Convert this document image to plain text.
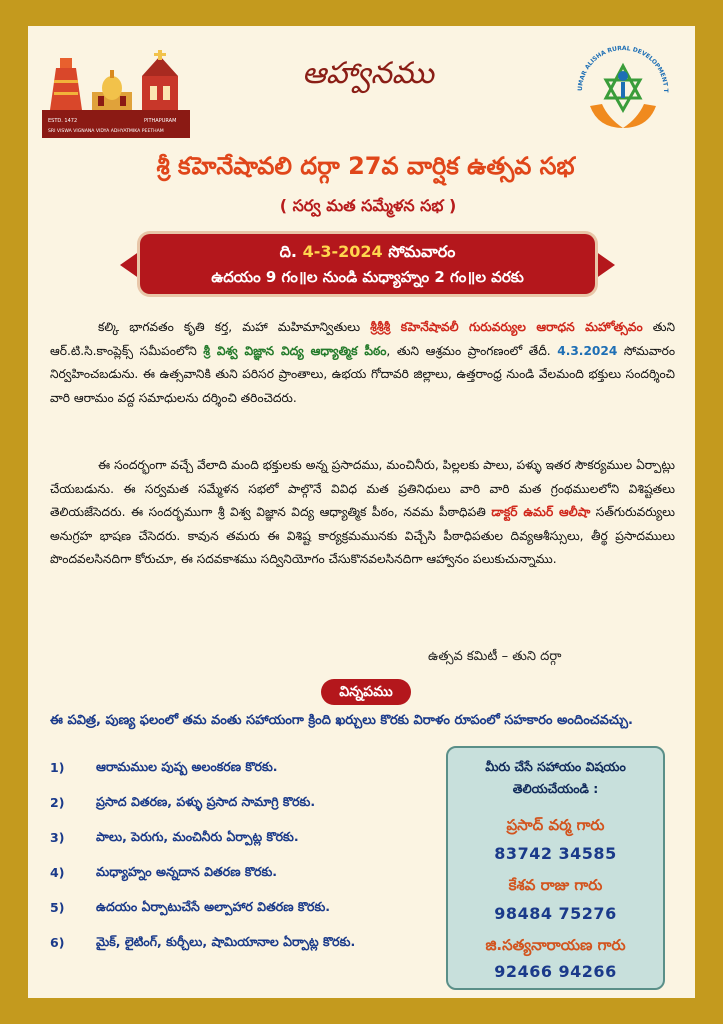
ESTD. 1472	PITHAPURAM
SRI VISWA VIGNANA VIDYA ADHYATMIKA PEETHAM
UMAR ALISHA RURAL DEVELOPMENT T
ఆహ్వానము
శ్రీ కహెనేషావలి దర్గా 27వ వార్షిక ఉత్సవ సభ
( సర్వ మత సమ్మేళన సభ )
ది. 4-3-2024 సోమవారం
ఉదయం 9 గం॥ల నుండి మధ్యాహ్నం 2 గం॥ల వరకు

కల్కి భాగవతం కృతి కర్త, మహా మహిమాన్వితులు శ్రీశ్రీశ్రీ కహెనేషావలీ గురువర్యుల ఆరాధన మహోత్సవం తుని ఆర్.టి.సి.కాంప్లెక్స్ సమీపంలోని శ్రీ విశ్వ విజ్ఞాన విద్య ఆధ్యాత్మిక పీఠం, తుని ఆశ్రమం ప్రాంగణంలో తేదీ. 4.3.2024 సోమవారం నిర్వహించబడును. ఈ ఉత్సవానికి తుని పరిసర ప్రాంతాలు, ఉభయ గోదావరి జిల్లాలు, ఉత్తరాంధ్ర నుండి వేలమంది భక్తులు సందర్శించి వారి ఆరామం వద్ద సమాధులను దర్శించి తరించెదరు.

ఈ సందర్భంగా వచ్చే వేలాది మంది భక్తులకు అన్న ప్రసాదము, మంచినీరు, పిల్లలకు పాలు, పళ్ళు ఇతర సౌకర్యముల ఏర్పాట్లు చేయబడును. ఈ సర్వమత సమ్మేళన సభలో పాల్గొనే వివిధ మత ప్రతినిధులు వారి వారి మత గ్రంథములలోని విశిష్టతలు తెలియజేసెదరు. ఈ సందర్భముగా శ్రీ విశ్వ విజ్ఞాన విద్య ఆధ్యాత్మిక పీఠం, నవమ పీఠాధిపతి డాక్టర్ ఉమర్ ఆలీషా సత్‌గురువర్యులు అనుగ్రహ భాషణ చేసెదరు. కావున తమరు ఈ విశిష్ట కార్యక్రమమునకు విచ్చేసి పీఠాధిపతుల దివ్యఆశీస్సులు, తీర్థ ప్రసాదములు పొందవలసినదిగా కోరుచూ, ఈ సదవకాశము సద్వినియోగం చేసుకొనవలసినదిగా ఆహ్వానం పలుకుచున్నాము.

ఉత్సవ కమిటీ – తుని దర్గా
విన్నపము
ఈ పవిత్ర, పుణ్య ఫలంలో తమ వంతు సహాయంగా క్రింది ఖర్చులు కొరకు విరాళం రూపంలో సహకారం అందించవచ్చు.
1)	ఆరామముల పుష్ప అలంకరణ కొరకు.
2)	ప్రసాద వితరణ, పళ్ళు ప్రసాద సామాగ్రి కొరకు.
3)	పాలు, పెరుగు, మంచినీరు ఏర్పాట్ల కొరకు.
4)	మధ్యాహ్నం అన్నదాన వితరణ కొరకు.
5)	ఉదయం ఏర్పాటుచేసే అల్పాహార వితరణ కొరకు.
6)	మైక్, లైటింగ్, కుర్చీలు, షామియానాల ఏర్పాట్ల కొరకు.
మీరు చేసే సహాయం విషయం తెలియచేయండి :
ప్రసాద్ వర్మ గారు
83742 34585
కేశవ రాజు గారు
98484 75276
జి.సత్యనారాయణ గారు
92466 94266
